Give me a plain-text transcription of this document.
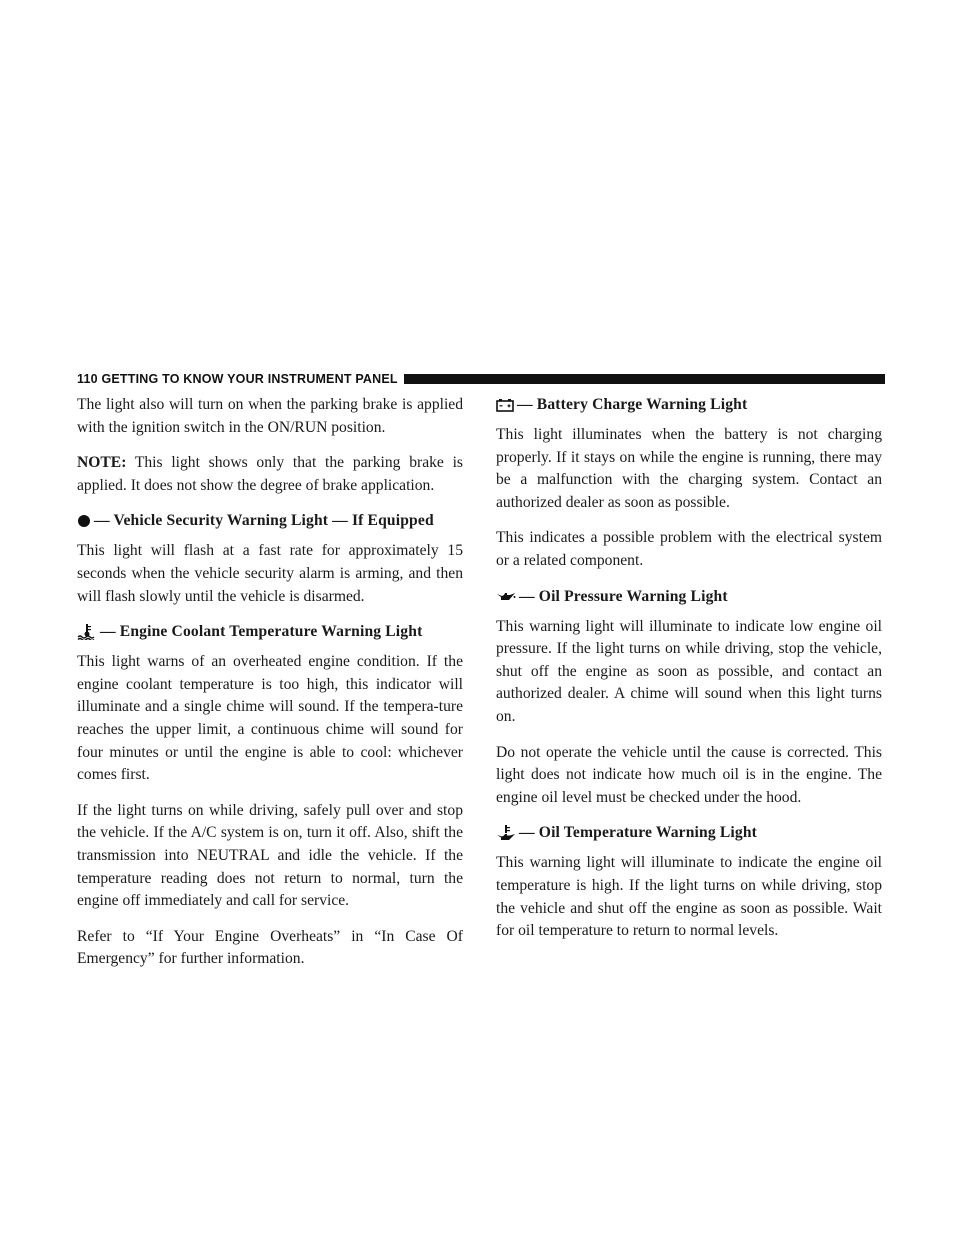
110 GETTING TO KNOW YOUR INSTRUMENT PANEL

The light also will turn on when the parking brake is applied with the ignition switch in the ON/RUN position.

NOTE: This light shows only that the parking brake is applied. It does not show the degree of brake application.

— Vehicle Security Warning Light — If Equipped

This light will flash at a fast rate for approximately 15 seconds when the vehicle security alarm is arming, and then will flash slowly until the vehicle is disarmed.

— Engine Coolant Temperature Warning Light

This light warns of an overheated engine condition. If the engine coolant temperature is too high, this indicator will illuminate and a single chime will sound. If the tempera-ture reaches the upper limit, a continuous chime will sound for four minutes or until the engine is able to cool: whichever comes first.

If the light turns on while driving, safely pull over and stop the vehicle. If the A/C system is on, turn it off. Also, shift the transmission into NEUTRAL and idle the vehicle. If the temperature reading does not return to normal, turn the engine off immediately and call for service.

Refer to “If Your Engine Overheats” in “In Case Of Emergency” for further information.

— Battery Charge Warning Light

This light illuminates when the battery is not charging properly. If it stays on while the engine is running, there may be a malfunction with the charging system. Contact an authorized dealer as soon as possible.

This indicates a possible problem with the electrical system or a related component.

— Oil Pressure Warning Light

This warning light will illuminate to indicate low engine oil pressure. If the light turns on while driving, stop the vehicle, shut off the engine as soon as possible, and contact an authorized dealer. A chime will sound when this light turns on.

Do not operate the vehicle until the cause is corrected. This light does not indicate how much oil is in the engine. The engine oil level must be checked under the hood.

— Oil Temperature Warning Light

This warning light will illuminate to indicate the engine oil temperature is high. If the light turns on while driving, stop the vehicle and shut off the engine as soon as possible. Wait for oil temperature to return to normal levels.
